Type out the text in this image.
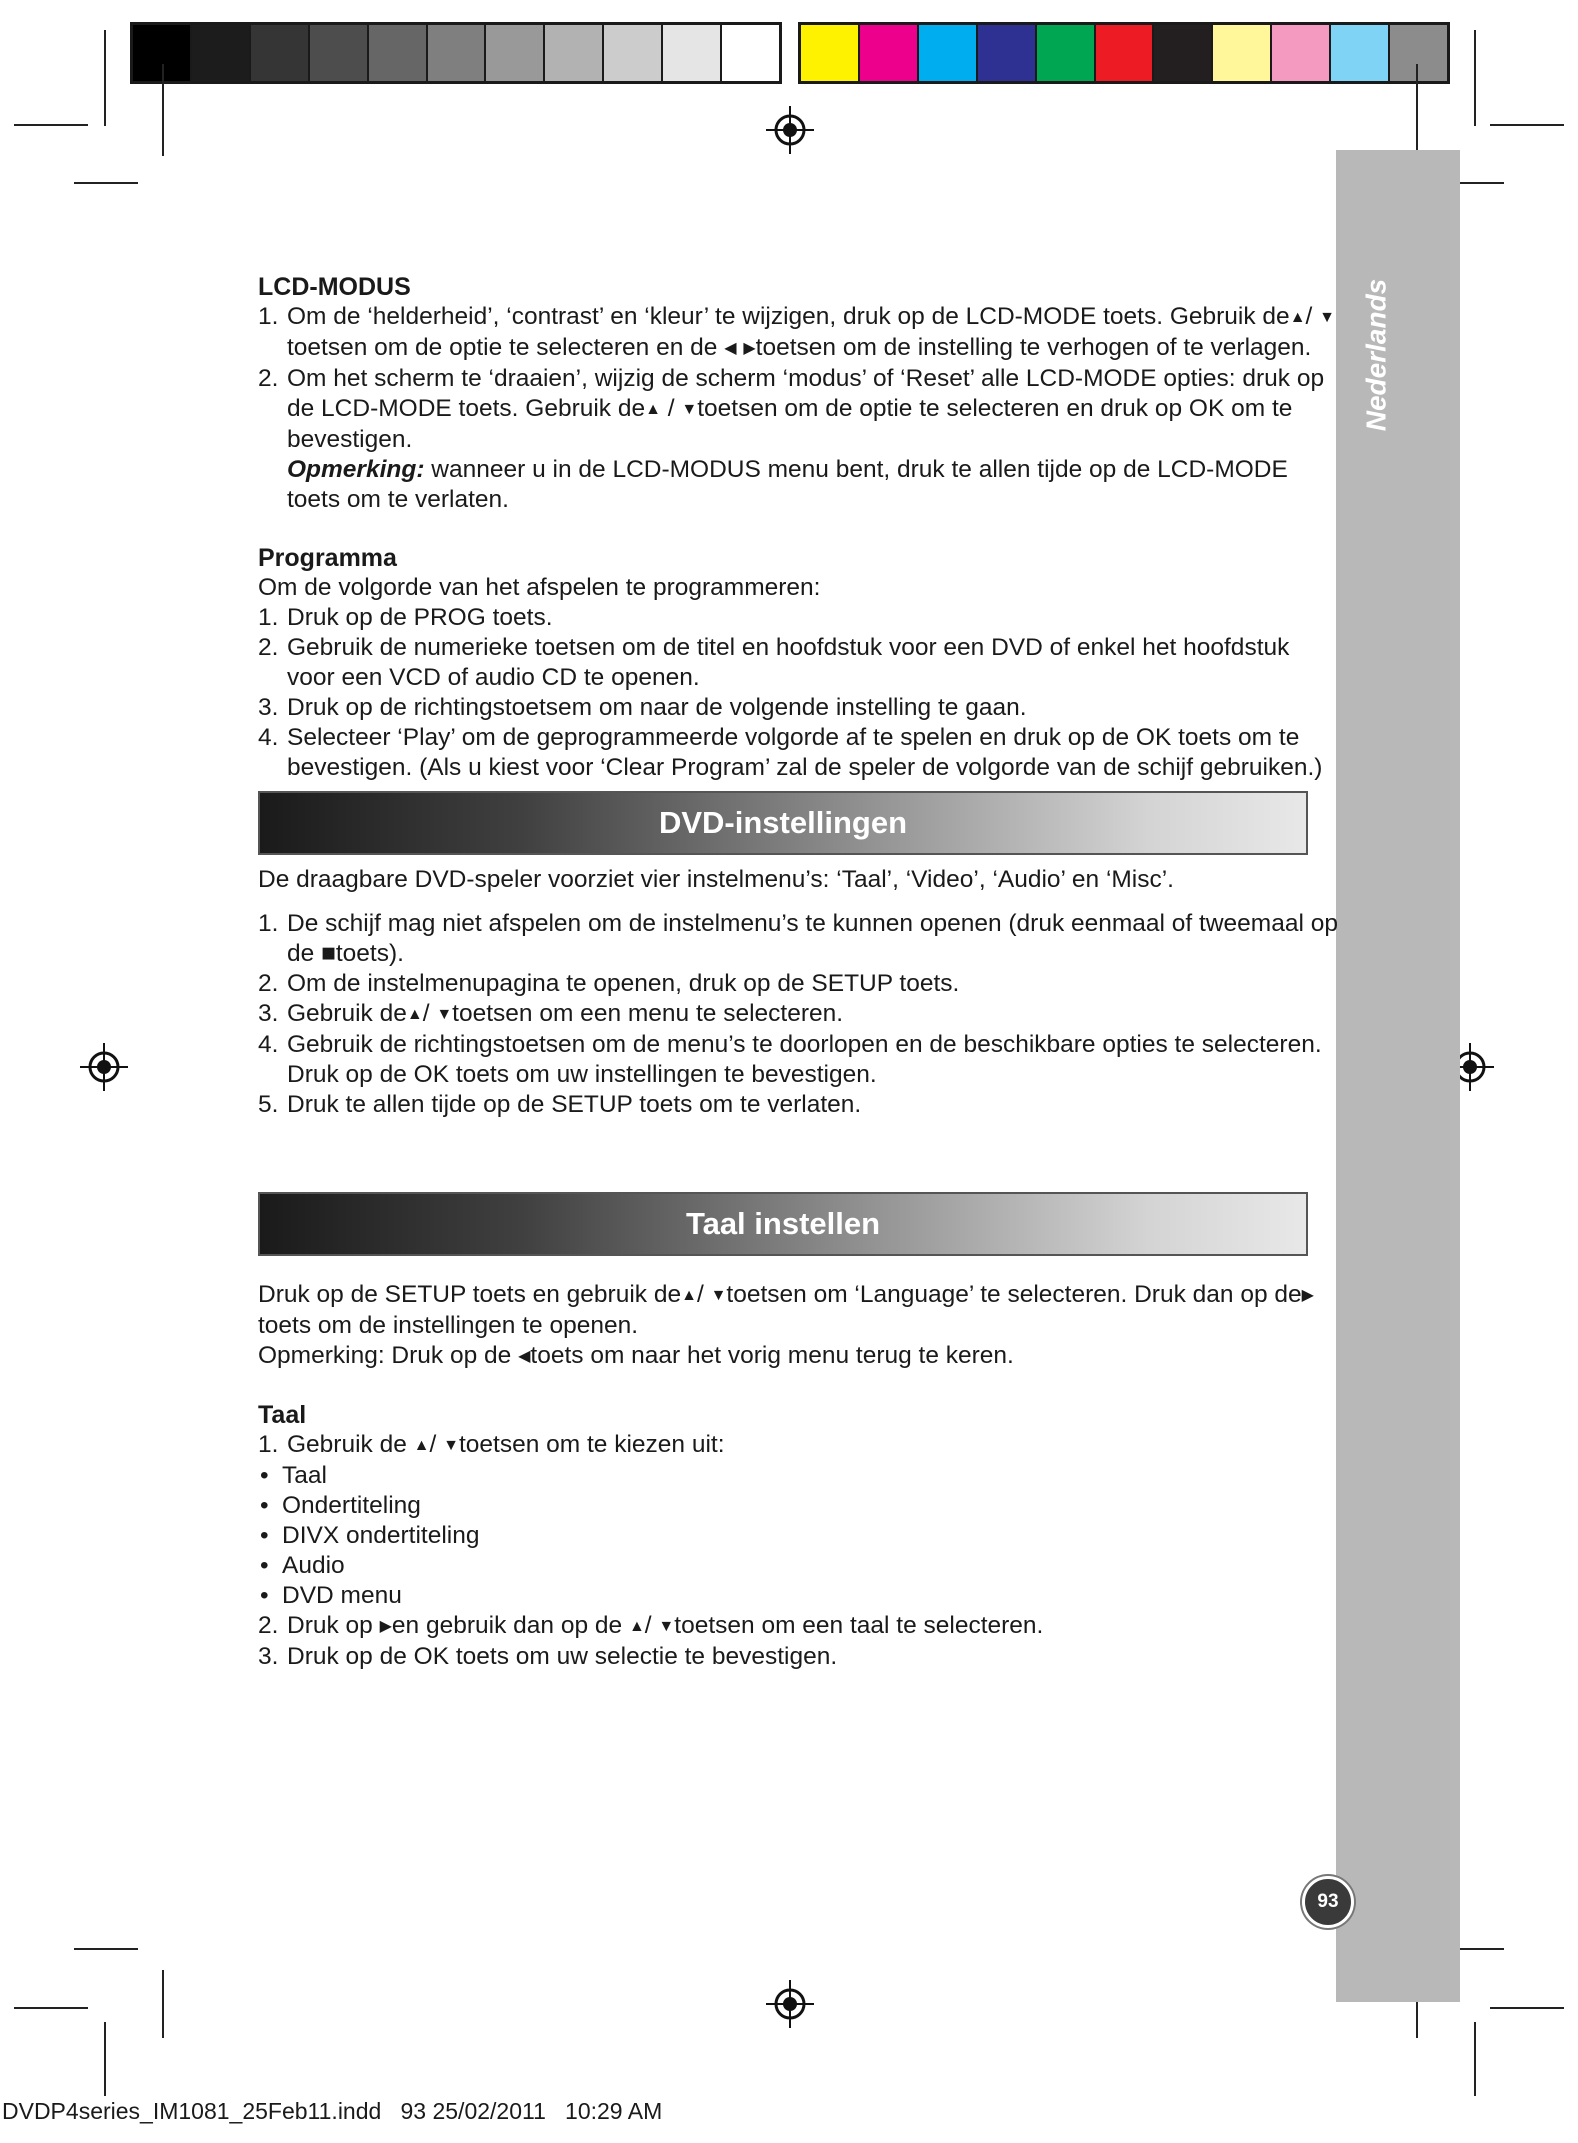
Nederlands
93

LCD-MODUS

1. Om de ‘helderheid’, ‘contrast’ en ‘kleur’ te wijzigen, druk op de LCD-MODE toets. Gebruik de▲/ ▼toetsen om de optie te selecteren en de ◀ ▶toetsen om de instelling te verhogen of te verlagen.
2. Om het scherm te ‘draaien’, wijzig de scherm ‘modus’ of ‘Reset’ alle LCD-MODE opties: druk op de LCD-MODE toets. Gebruik de▲ / ▼toetsen om de optie te selecteren en druk op OK om te bevestigen.
Opmerking: wanneer u in de LCD-MODUS menu bent, druk te allen tijde op de LCD-MODE toets om te verlaten.

Programma

Om de volgorde van het afspelen te programmeren:

1. Druk op de PROG toets.
2. Gebruik de numerieke toetsen om de titel en hoofdstuk voor een DVD of enkel het hoofdstuk voor een VCD of audio CD te openen.
3. Druk op de richtingstoetsem om naar de volgende instelling te gaan.
4. Selecteer ‘Play’ om de geprogrammeerde volgorde af te spelen en druk op de OK toets om te bevestigen. (Als u kiest voor ‘Clear Program’ zal de speler de volgorde van de schijf gebruiken.)
DVD-instellingen

De draagbare DVD-speler voorziet vier instelmenu’s: ‘Taal’, ‘Video’, ‘Audio’ en ‘Misc’.

1. De schijf mag niet afspelen om de instelmenu’s te kunnen openen (druk eenmaal of tweemaal op de ■toets).
2. Om de instelmenupagina te openen, druk op de SETUP toets.
3. Gebruik de▲/ ▼toetsen om een menu te selecteren.
4. Gebruik de richtingstoetsen om de menu’s te doorlopen en de beschikbare opties te selecteren. Druk op de OK toets om uw instellingen te bevestigen.
5. Druk te allen tijde op de SETUP toets om te verlaten.
Taal instellen

Druk op de SETUP toets en gebruik de▲/ ▼toetsen om ‘Language’ te selecteren. Druk dan op de▶toets om de instellingen te openen.

Opmerking: Druk op de ◀toets om naar het vorig menu terug te keren.

Taal

1. Gebruik de ▲/ ▼toetsen om te kiezen uit:
• Taal
• Ondertiteling
• DIVX ondertiteling
• Audio
• DVD menu
2. Druk op ▶en gebruik dan op de ▲/ ▼toetsen om een taal te selecteren.
3. Druk op de OK toets om uw selectie te bevestigen.
DVDP4series_IM1081_25Feb11.indd 93 25/02/2011 10:29 AM
